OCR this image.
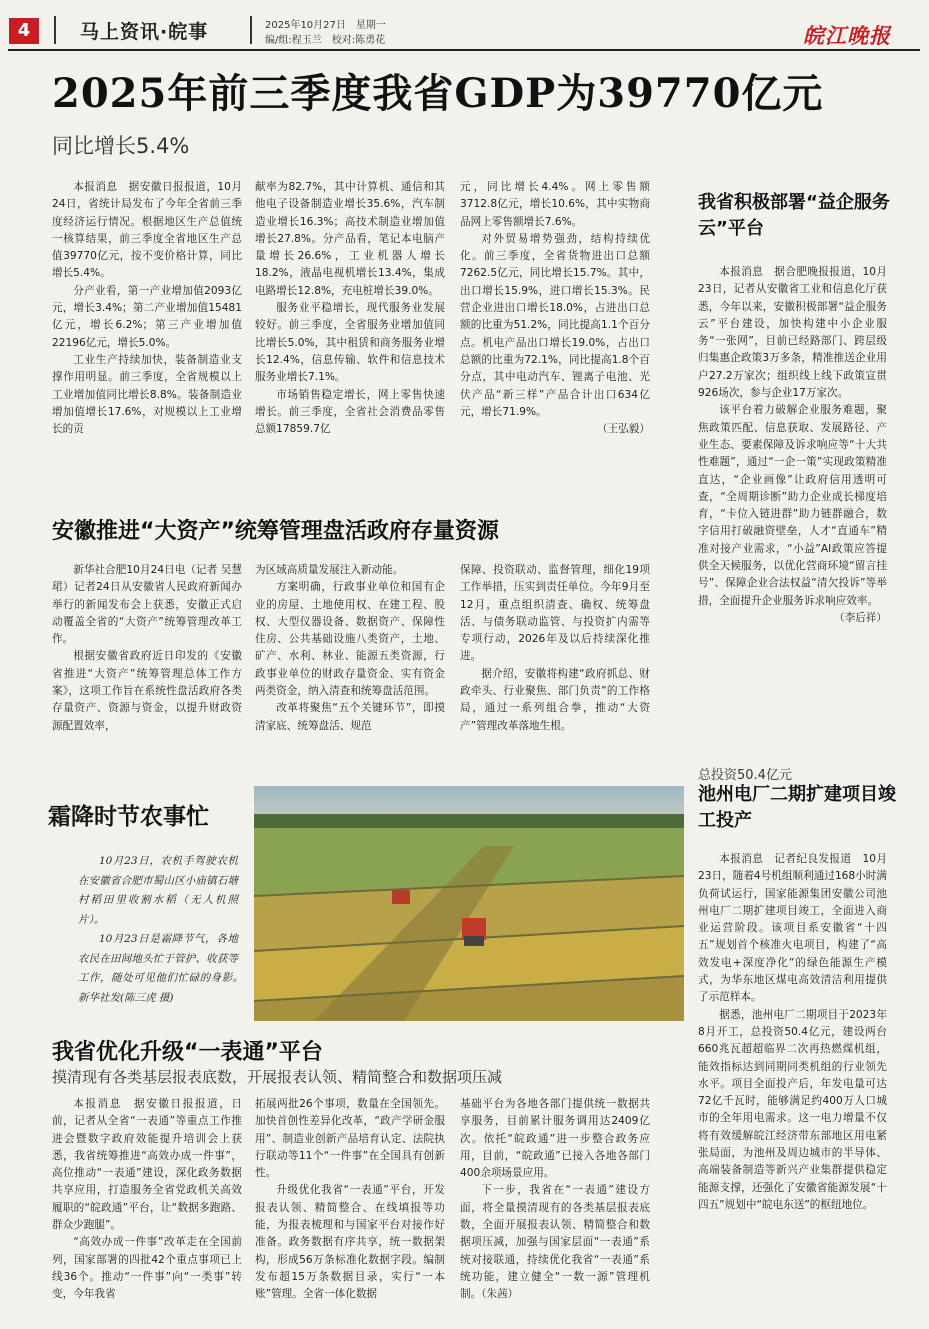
4	马上资讯·皖事	2025年10月27日　星期一
编/组:程玉兰　校对:陈勇花	皖江晚报
2025年前三季度我省GDP为39770亿元
同比增长5.4%

本报消息　据安徽日报报道，10月24日，省统计局发布了今年全省前三季度经济运行情况。根据地区生产总值统一核算结果，前三季度全省地区生产总值39770亿元，按不变价格计算，同比增长5.4%。

分产业看，第一产业增加值2093亿元，增长3.4%；第二产业增加值15481亿元，增长6.2%；第三产业增加值22196亿元，增长5.0%。

工业生产持续加快，装备制造业支撑作用明显。前三季度，全省规模以上工业增加值同比增长8.8%。装备制造业增加值增长17.6%，对规模以上工业增长的贡

献率为82.7%，其中计算机、通信和其他电子设备制造业增长35.6%，汽车制造业增长16.3%；高技术制造业增加值增长27.8%。分产品看，笔记本电脑产量增长26.6%，工业机器人增长18.2%，液晶电视机增长13.4%，集成电路增长12.8%，充电桩增长39.0%。

服务业平稳增长，现代服务业发展较好。前三季度，全省服务业增加值同比增长5.0%，其中租赁和商务服务业增长12.4%，信息传输、软件和信息技术服务业增长7.1%。

市场销售稳定增长，网上零售快速增长。前三季度，全省社会消费品零售总额17859.7亿

元，同比增长4.4%。网上零售额3712.8亿元，增长10.6%，其中实物商品网上零售额增长7.6%。

对外贸易增势强劲，结构持续优化。前三季度，全省货物进出口总额7262.5亿元，同比增长15.7%。其中，出口增长15.9%，进口增长15.3%。民营企业进出口增长18.0%，占进出口总额的比重为51.2%，同比提高1.1个百分点。机电产品出口增长19.0%，占出口总额的比重为72.1%，同比提高1.8个百分点，其中电动汽车、锂离子电池、光伏产品“新三样”产品合计出口634亿元，增长71.9%。

（王弘毅）

安徽推进“大资产”统筹管理盘活政府存量资源

新华社合肥10月24日电（记者 吴慧珺）记者24日从安徽省人民政府新闻办举行的新闻发布会上获悉，安徽正式启动覆盖全省的“大资产”统筹管理改革工作。

根据安徽省政府近日印发的《安徽省推进“大资产”统筹管理总体工作方案》，这项工作旨在系统性盘活政府各类存量资产、资源与资金，以提升财政资源配置效率，

为区域高质量发展注入新动能。

方案明确，行政事业单位和国有企业的房屋、土地使用权、在建工程、股权、大型仪器设备、数据资产、保障性住房、公共基础设施八类资产，土地、矿产、水利、林业、能源五类资源，行政事业单位的财政存量资金、实有资金两类资金，纳入清查和统筹盘活范围。

改革将聚焦“五个关键环节”，即摸清家底、统筹盘活、规范

保障、投资联动、监督管理，细化19项工作举措，压实到责任单位。今年9月至12月，重点组织清查、确权、统筹盘活、与债务联动监管、与投资扩内需等专项行动，2026年及以后持续深化推进。

据介绍，安徽将构建“政府抓总、财政牵头、行业聚焦、部门负责”的工作格局，通过一系列组合拳，推动“大资产”管理改革落地生根。

霜降时节农事忙

10月23日，农机手驾驶农机在安徽省合肥市蜀山区小庙镇石塘村稻田里收割水稻（无人机照片）。

10月23日是霜降节气，各地农民在田间地头忙于管护、收获等工作，随处可见他们忙碌的身影。　新华社发(陈三虎 摄)

我省优化升级“一表通”平台
摸清现有各类基层报表底数，开展报表认领、精简整合和数据项压减

本报消息　据安徽日报报道，日前，记者从全省“一表通”等重点工作推进会暨数字政府效能提升培训会上获悉，我省统筹推进“高效办成一件事”，高位推动“一表通”建设，深化政务数据共享应用，打造服务全省党政机关高效履职的“皖政通”平台，让“数据多跑路、群众少跑腿”。

“高效办成一件事”改革走在全国前列，国家部署的四批42个重点事项已上线36个。推动“一件事”向“一类事”转变，今年我省

拓展两批26个事项，数量在全国领先。加快首创性差异化改革，“政产学研金服用”、制造业创新产品培育认定、法院执行联动等11个“一件事”在全国具有创新性。

升级优化我省“一表通”平台，开发报表认领、精简整合、在线填报等功能，为报表梳理和与国家平台对接作好准备。政务数据有序共享，统一数据架构，形成56万条标准化数据字段。编制发布超15万条数据目录，实行“一本账”管理。全省一体化数据

基础平台为各地各部门提供统一数据共享服务，目前累计服务调用达2409亿次。依托“皖政通”进一步整合政务应用，目前，“皖政通”已接入各地各部门400余项场景应用。

下一步，我省在“一表通”建设方面，将全量摸清现有的各类基层报表底数，全面开展报表认领、精简整合和数据项压减，加强与国家层面“一表通”系统对接联通，持续优化我省“一表通”系统功能，建立健全“一数一源”管理机制。（朱茜）

我省积极部署“益企服务云”平台

本报消息　据合肥晚报报道，10月23日，记者从安徽省工业和信息化厅获悉，今年以来，安徽积极部署“益企服务云”平台建设，加快构建中小企业服务“一张网”，目前已经路部门、跨层级归集惠企政策3万多条，精准推送企业用户27.2万家次；组织线上线下政策宣贯926场次，参与企业17万家次。

该平台着力破解企业服务难题，聚焦政策匹配、信息获取、发展路径、产业生态、要素保障及诉求响应等“十大共性难题”，通过“一企一策”实现政策精准直达，“企业画像”让政府信用透明可查，“全周期诊断”助力企业成长梯度培育，“卡位入链进群”助力链群融合，数字信用打破融资壁垒，人才“直通车”精准对接产业需求，“小益”AI政策应答提供全天候服务，以优化营商环境“留言挂号”、保障企业合法权益“清欠投诉”等举措，全面提升企业服务诉求响应效率。

（李后祥）

总投资50.4亿元
池州电厂二期扩建项目竣工投产

本报消息　记者纪良发报道　10月23日，随着4号机组顺利通过168小时满负荷试运行，国家能源集团安徽公司池州电厂二期扩建项目竣工，全面进入商业运营阶段。该项目系安徽省“十四五”规划首个核准火电项目，构建了“高效发电+深度净化”的绿色能源生产模式，为华东地区煤电高效清洁利用提供了示范样本。

据悉，池州电厂二期项目于2023年8月开工，总投资50.4亿元，建设两台660兆瓦超超临界二次再热燃煤机组，能效指标达到同期同类机组的行业领先水平。项目全面投产后，年发电量可达72亿千瓦时，能够满足约400万人口城市的全年用电需求。这一电力增量不仅将有效缓解皖江经济带东部地区用电紧张局面，为池州及周边城市的半导体、高端装备制造等新兴产业集群提供稳定能源支撑，还强化了安徽省能源发展“十四五”规划中“皖电东送”的枢纽地位。
